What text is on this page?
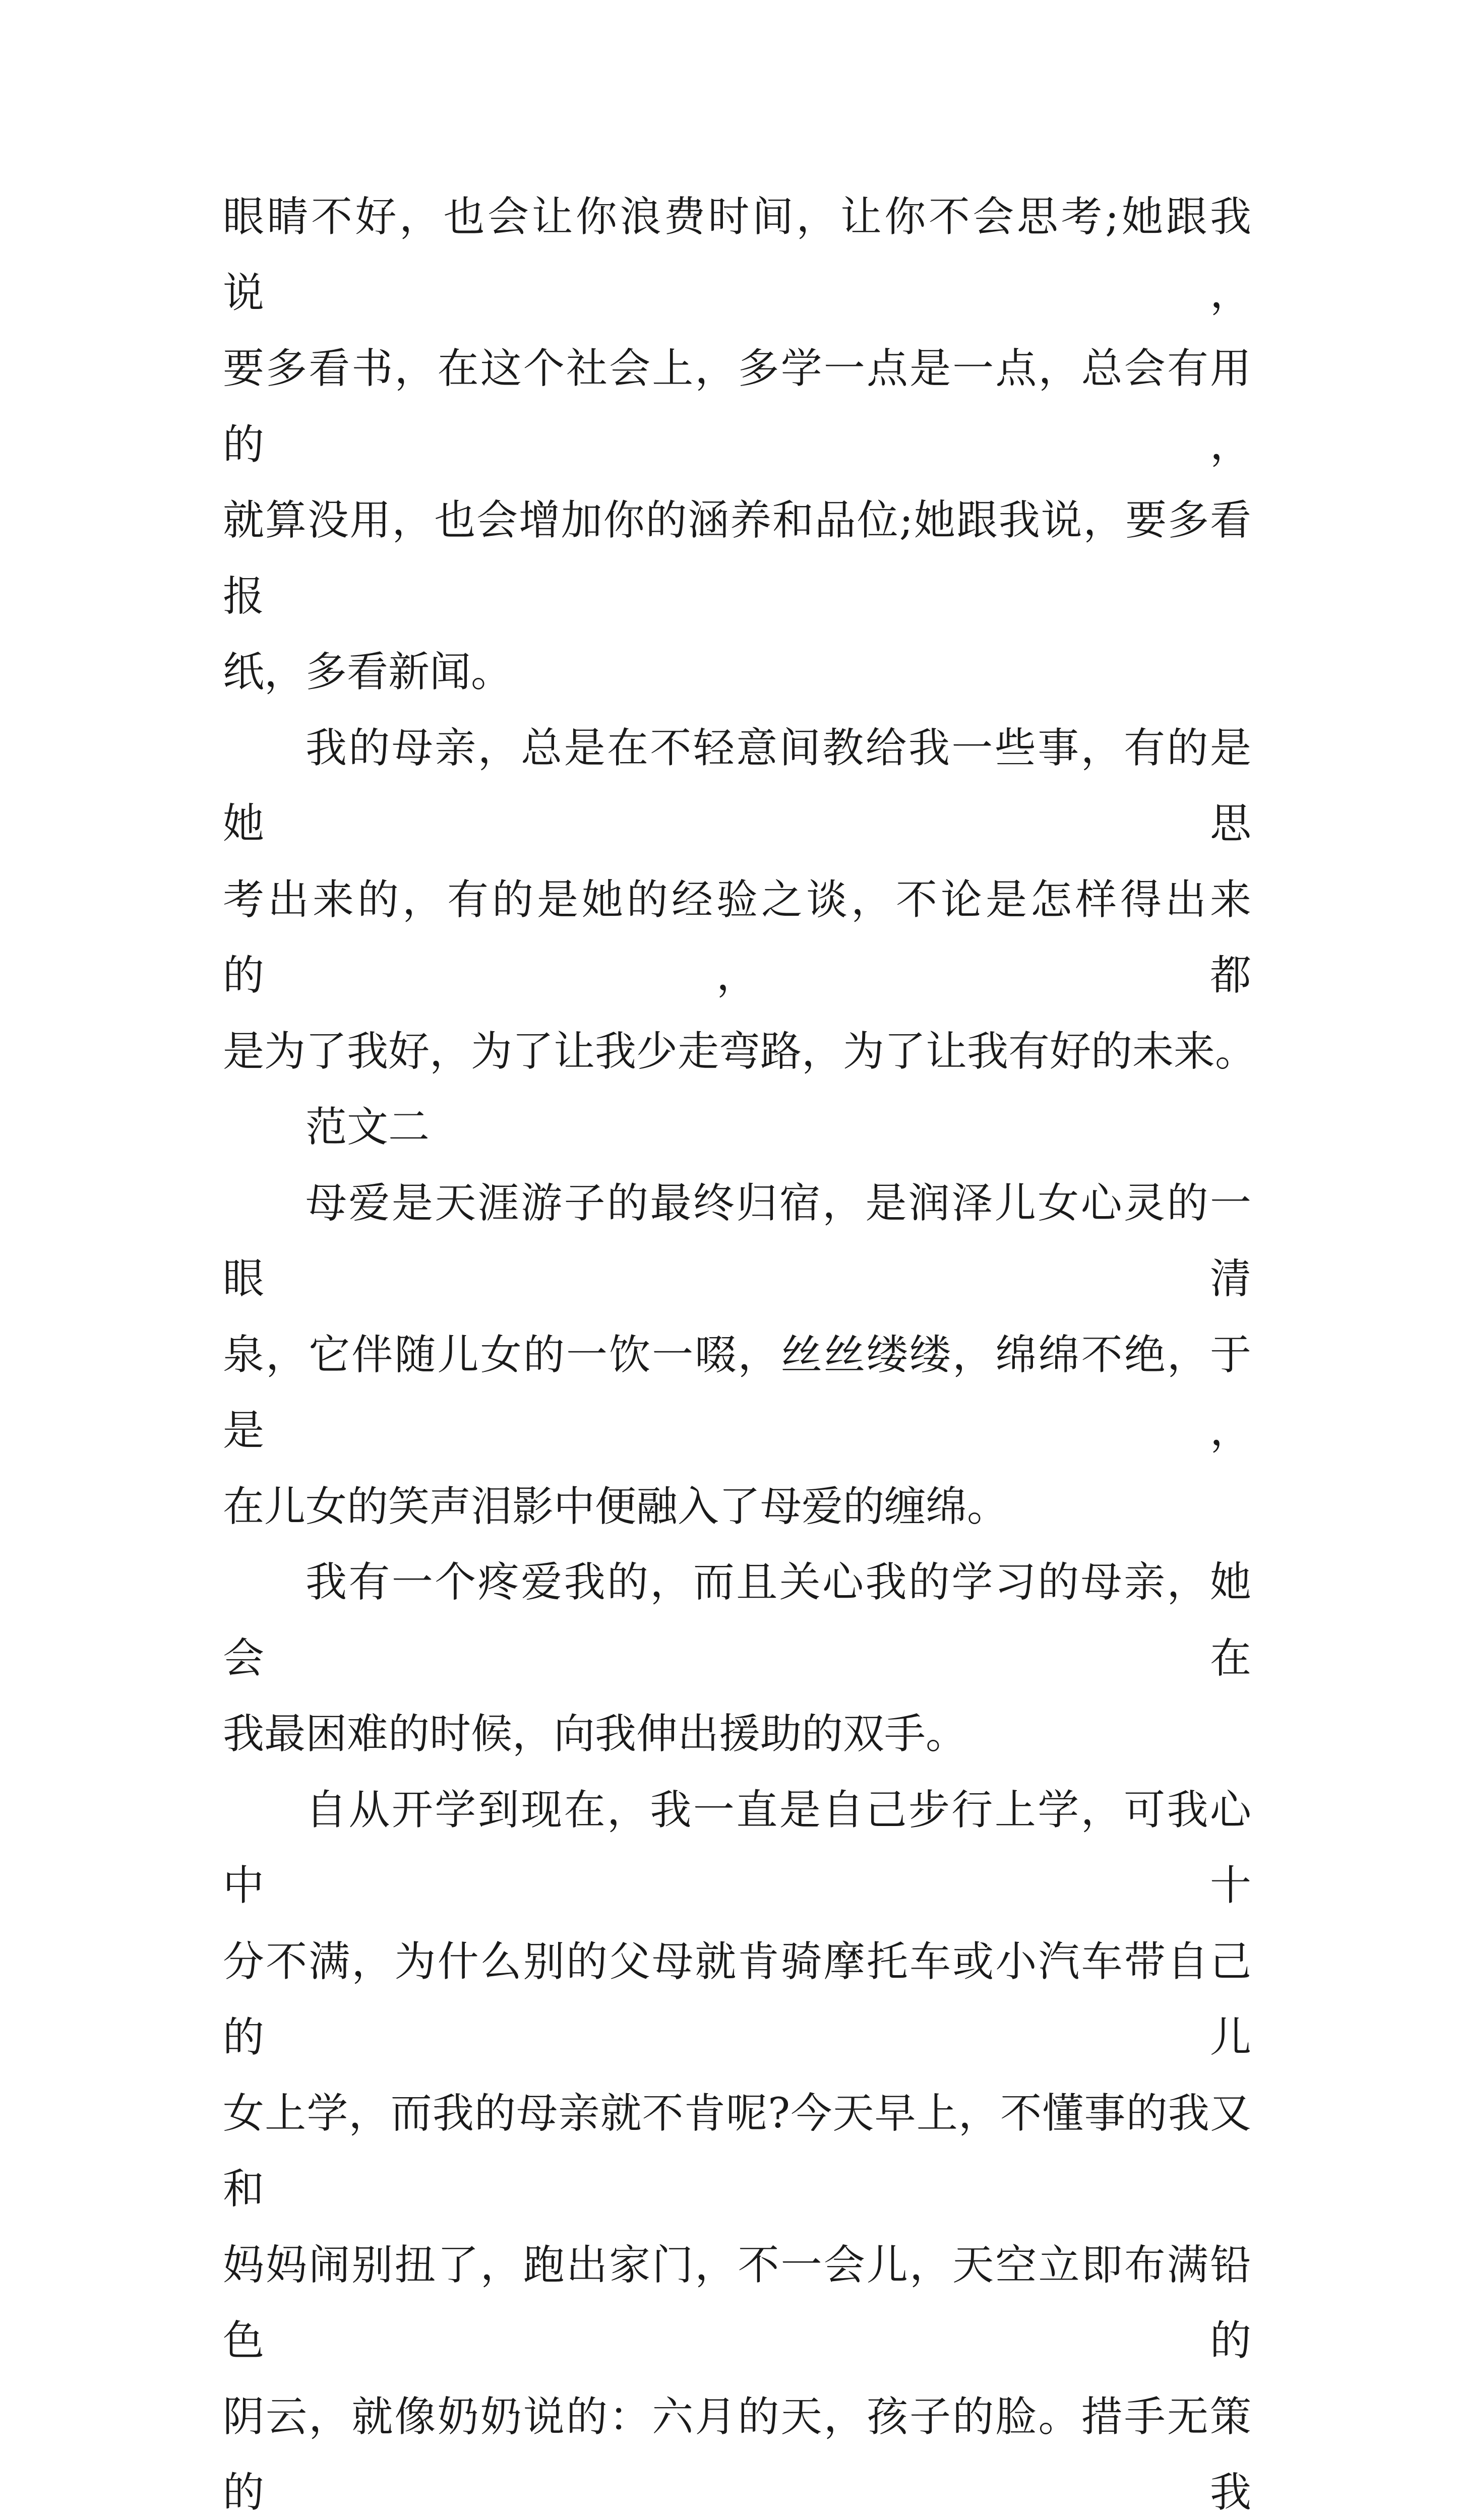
眼睛不好，也会让你浪费时间，让你不会思考;她跟我说，
要多看书，在这个社会上，多学一点是一点，总会有用的，
就算没用，也会增加你的涵养和品位;她跟我说，要多看报
纸，多看新闻。
我的母亲，总是在不轻意间教给我一些事，有的是她思
考出来的，有的是她的经验之谈，不论是怎样得出来的，都
是为了我好，为了让我少走弯路，为了让我有好的未来。
范文二
母爱是天涯游子的最终归宿，是润泽儿女心灵的一眼清
泉，它伴随儿女的一饮一啜，丝丝缕缕，绵绵不绝，于是，
在儿女的笑声泪影中便融入了母爱的缠绵。
我有一个疼爱我的，而且关心我的学习的母亲，她会在
我最困难的时候，向我伸出援助的双手。
自从开学到现在，我一直是自己步行上学，可我心中十
分不满，为什么别的父母就肯骑摩托车或小汽车带自己的儿
女上学，而我的母亲就不肯呢?今天早上，不懂事的我又和
妈妈闹别扭了，跑出家门，不一会儿，天空立即布满铅色的
阴云，就像奶奶说的：六月的天，孩子的脸。措手无策的我
